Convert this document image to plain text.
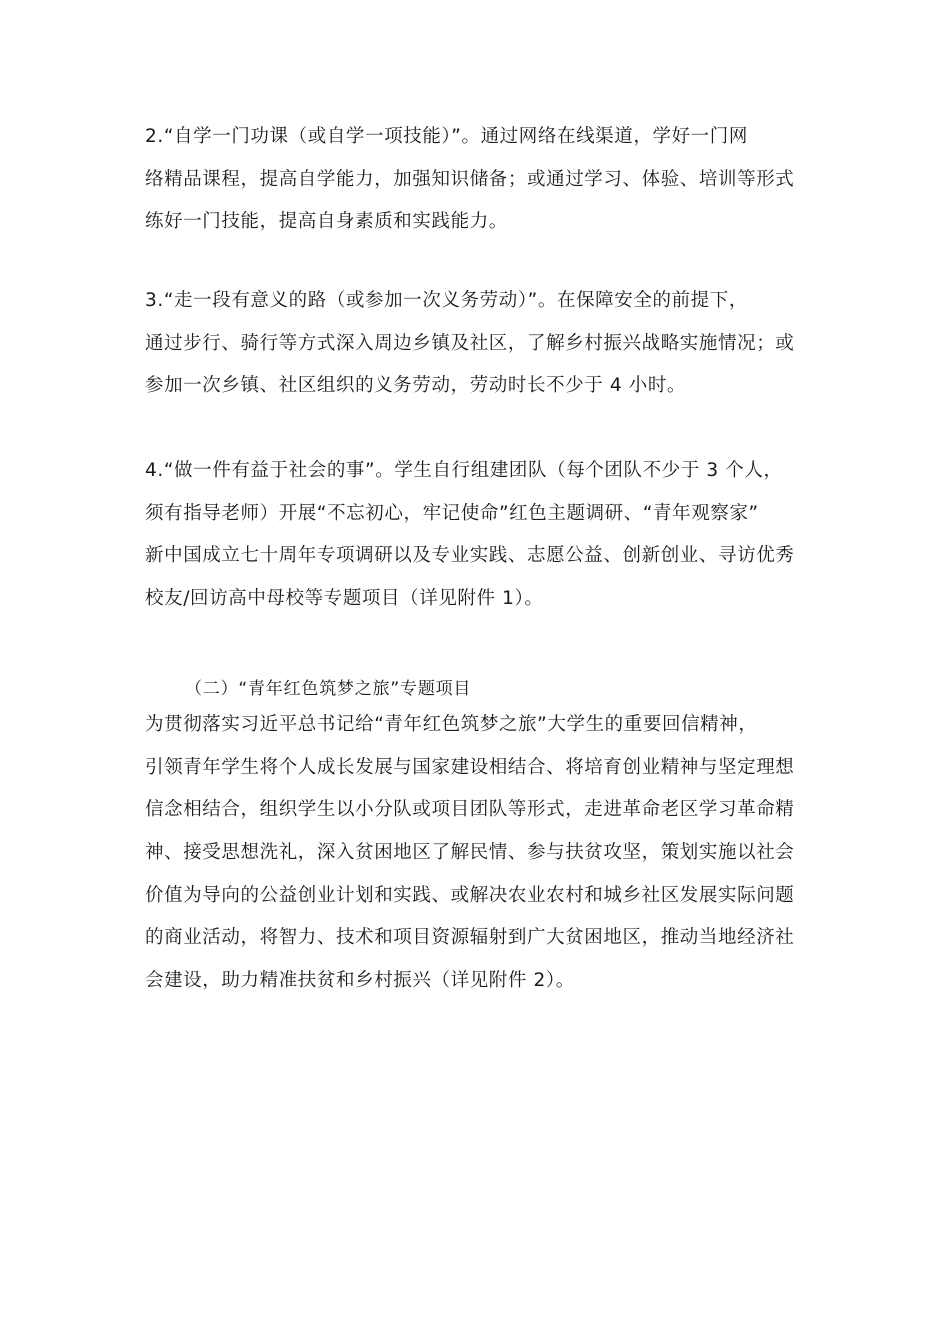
2.“自学一门功课（或自学一项技能）”。通过网络在线渠道，学好一门网
络精品课程，提高自学能力，加强知识储备；或通过学习、体验、培训等形式
练好一门技能，提高自身素质和实践能力。
3.“走一段有意义的路（或参加一次义务劳动）”。在保障安全的前提下，
通过步行、骑行等方式深入周边乡镇及社区，了解乡村振兴战略实施情况；或
参加一次乡镇、社区组织的义务劳动，劳动时长不少于 4 小时。
4.“做一件有益于社会的事”。学生自行组建团队（每个团队不少于 3 个人，
须有指导老师）开展“不忘初心，牢记使命”红色主题调研、“青年观察家”
新中国成立七十周年专项调研以及专业实践、志愿公益、创新创业、寻访优秀
校友/回访高中母校等专题项目（详见附件 1）。
（二）“青年红色筑梦之旅”专题项目
为贯彻落实习近平总书记给“青年红色筑梦之旅”大学生的重要回信精神，
引领青年学生将个人成长发展与国家建设相结合、将培育创业精神与坚定理想
信念相结合，组织学生以小分队或项目团队等形式，走进革命老区学习革命精
神、接受思想洗礼，深入贫困地区了解民情、参与扶贫攻坚，策划实施以社会
价值为导向的公益创业计划和实践、或解决农业农村和城乡社区发展实际问题
的商业活动，将智力、技术和项目资源辐射到广大贫困地区，推动当地经济社
会建设，助力精准扶贫和乡村振兴（详见附件 2）。
